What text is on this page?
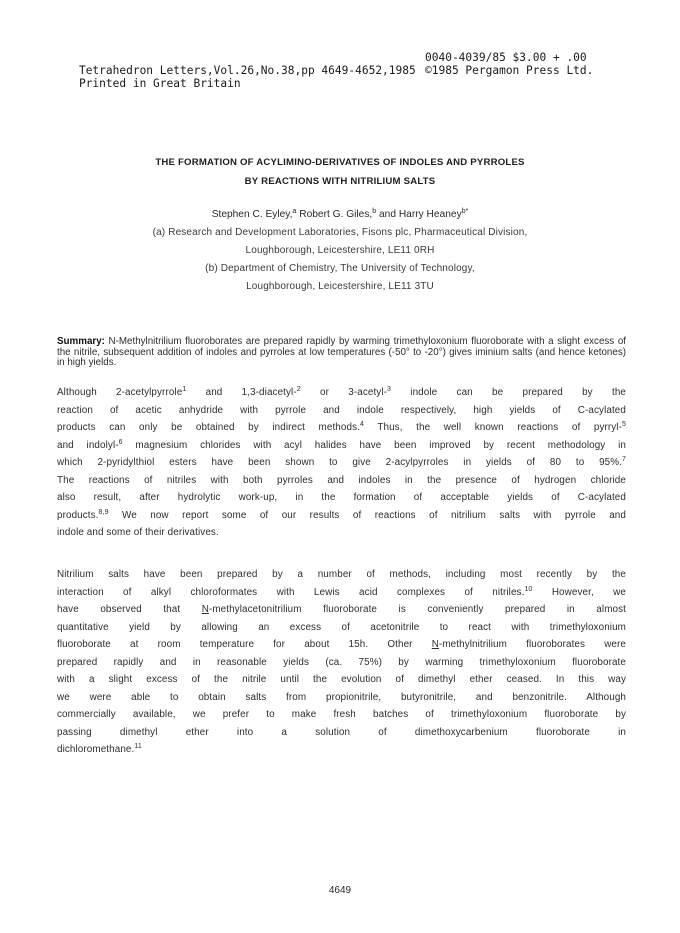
Tetrahedron Letters,Vol.26,No.38,pp 4649-4652,1985

0040-4039/85 $3.00 + .00

Printed in Great Britain

©1985 Pergamon Press Ltd.

THE FORMATION OF ACYLIMINO-DERIVATIVES OF INDOLES AND PYRROLES
BY REACTIONS WITH NITRILIUM SALTS
Stephen C. Eyley,$^a$ Robert G. Giles,$^b$ and Harry Heaney$^{b*}$
(a) Research and Development Laboratories, Fisons plc, Pharmaceutical Division,
Loughborough, Leicestershire, LE11 0RH
(b) Department of Chemistry, The University of Technology,
Loughborough, Leicestershire, LE11 3TU
Summary: N-Methylnitrilium fluoroborates are prepared rapidly by warming trimethyloxonium fluoroborate with a slight excess of the nitrile, subsequent addition of indoles and pyrroles at low temperatures (-50° to -20°) gives iminium salts (and hence ketones) in high yields.
Although 2-acetylpyrrole$^1$ and 1,3-diacetyl-$^2$ or 3-acetyl-$^3$ indole can be prepared by the
reaction of acetic anhydride with pyrrole and indole respectively, high yields of C-acylated
products can only be obtained by indirect methods.$^4$ Thus, the well known reactions of pyrryl-$^5$
and indolyl-$^6$ magnesium chlorides with acyl halides have been improved by recent methodology in
which 2-pyridylthiol esters have been shown to give 2-acylpyrroles in yields of 80 to 95%.$^7$
The reactions of nitriles with both pyrroles and indoles in the presence of hydrogen chloride
also result, after hydrolytic work-up, in the formation of acceptable yields of C-acylated
products.$^{8,9}$ We now report some of our results of reactions of nitrilium salts with pyrrole and
indole and some of their derivatives.
Nitrilium salts have been prepared by a number of methods, including most recently by the
interaction of alkyl chloroformates with Lewis acid complexes of nitriles.$^{10}$ However, we
have observed that N-methylacetonitrilium fluoroborate is conveniently prepared in almost
quantitative yield by allowing an excess of acetonitrile to react with trimethyloxonium
fluoroborate at room temperature for about 15h. Other N-methylnitrilium fluoroborates were
prepared rapidly and in reasonable yields (ca. 75%) by warming trimethyloxonium fluoroborate
with a slight excess of the nitrile until the evolution of dimethyl ether ceased. In this way
we were able to obtain salts from propionitrile, butyronitrile, and benzonitrile. Although
commercially available, we prefer to make fresh batches of trimethyloxonium fluoroborate by
passing dimethyl ether into a solution of dimethoxycarbenium fluoroborate in
dichloromethane.$^{11}$
4649
